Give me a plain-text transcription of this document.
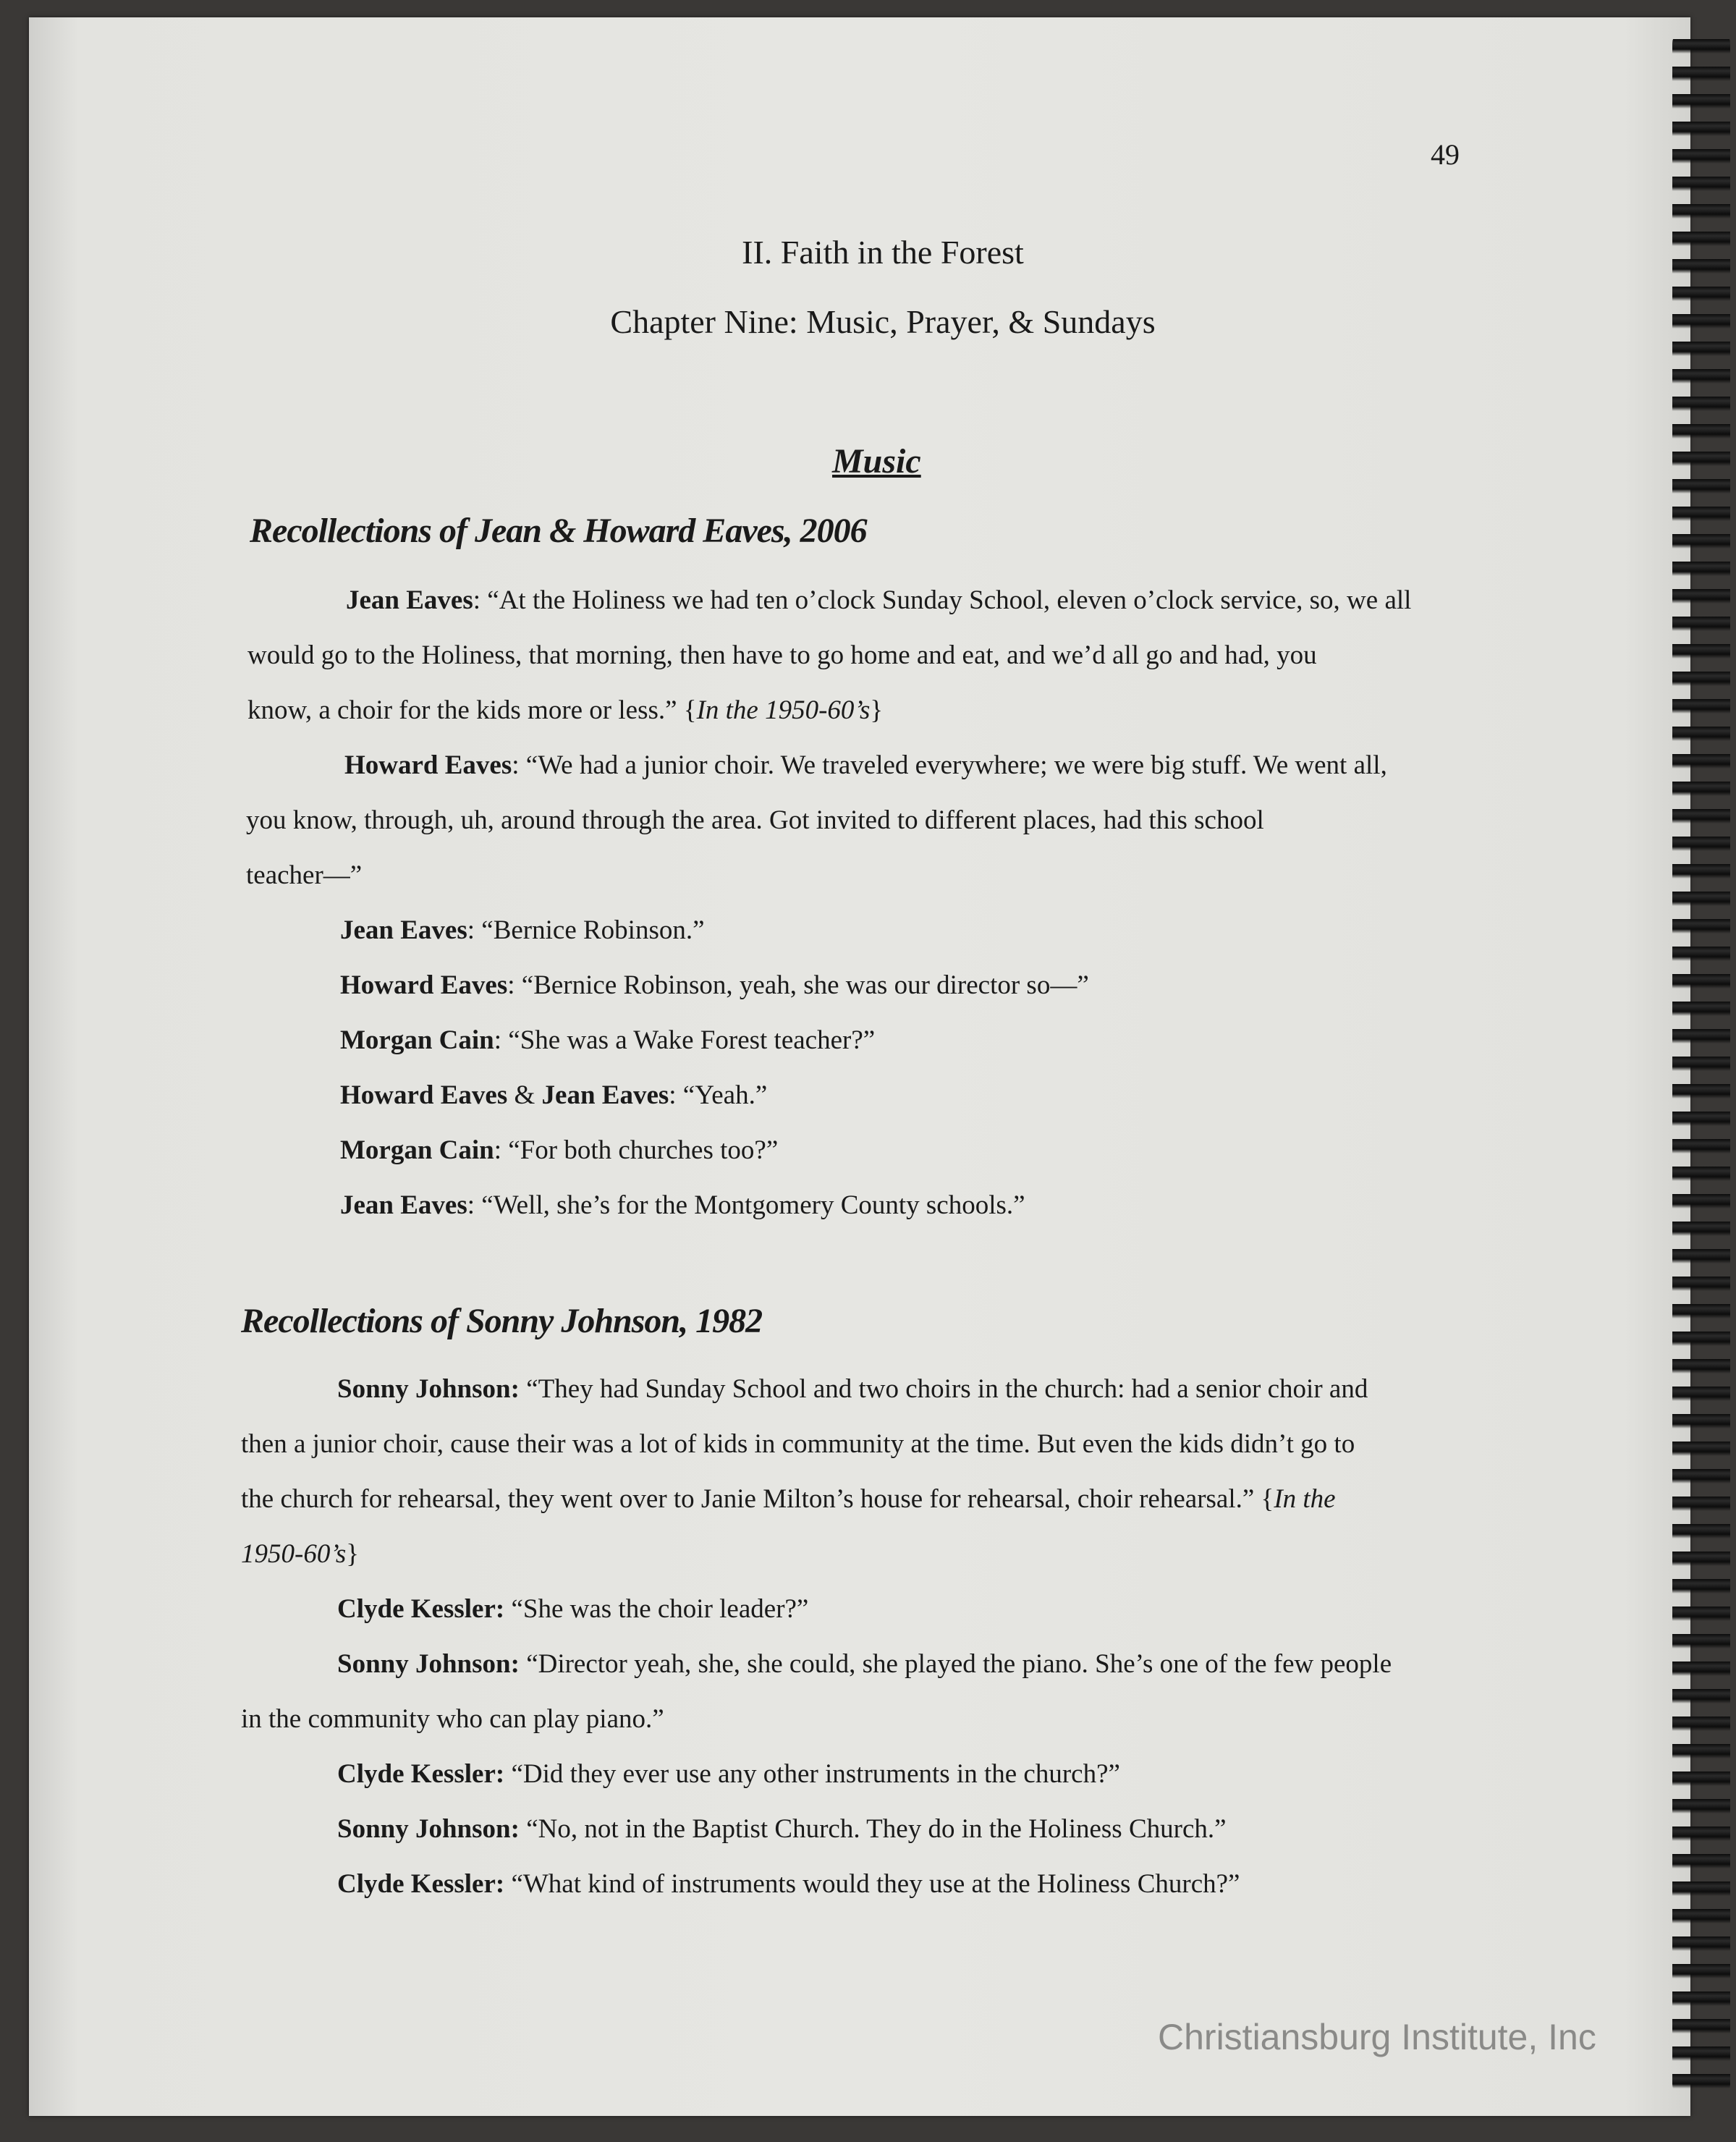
49
II. Faith in the Forest
Chapter Nine: Music, Prayer, & Sundays
Music
Recollections of Jean & Howard Eaves, 2006
Jean Eaves: “At the Holiness we had ten o’clock Sunday School, eleven o’clock service, so, we all
would go to the Holiness, that morning, then have to go home and eat, and we’d all go and had, you
know, a choir for the kids more or less.” {In the 1950-60’s}
Howard Eaves: “We had a junior choir. We traveled everywhere; we were big stuff. We went all,
you know, through, uh, around through the area. Got invited to different places, had this school
teacher—”
Jean Eaves: “Bernice Robinson.”
Howard Eaves: “Bernice Robinson, yeah, she was our director so—”
Morgan Cain: “She was a Wake Forest teacher?”
Howard Eaves & Jean Eaves: “Yeah.”
Morgan Cain: “For both churches too?”
Jean Eaves: “Well, she’s for the Montgomery County schools.”
Recollections of Sonny Johnson, 1982
Sonny Johnson: “They had Sunday School and two choirs in the church: had a senior choir and
then a junior choir, cause their was a lot of kids in community at the time. But even the kids didn’t go to
the church for rehearsal, they went over to Janie Milton’s house for rehearsal, choir rehearsal.” {In the
1950-60’s}
Clyde Kessler: “She was the choir leader?”
Sonny Johnson: “Director yeah, she, she could, she played the piano. She’s one of the few people
in the community who can play piano.”
Clyde Kessler: “Did they ever use any other instruments in the church?”
Sonny Johnson: “No, not in the Baptist Church. They do in the Holiness Church.”
Clyde Kessler: “What kind of instruments would they use at the Holiness Church?”
Christiansburg Institute, Inc
